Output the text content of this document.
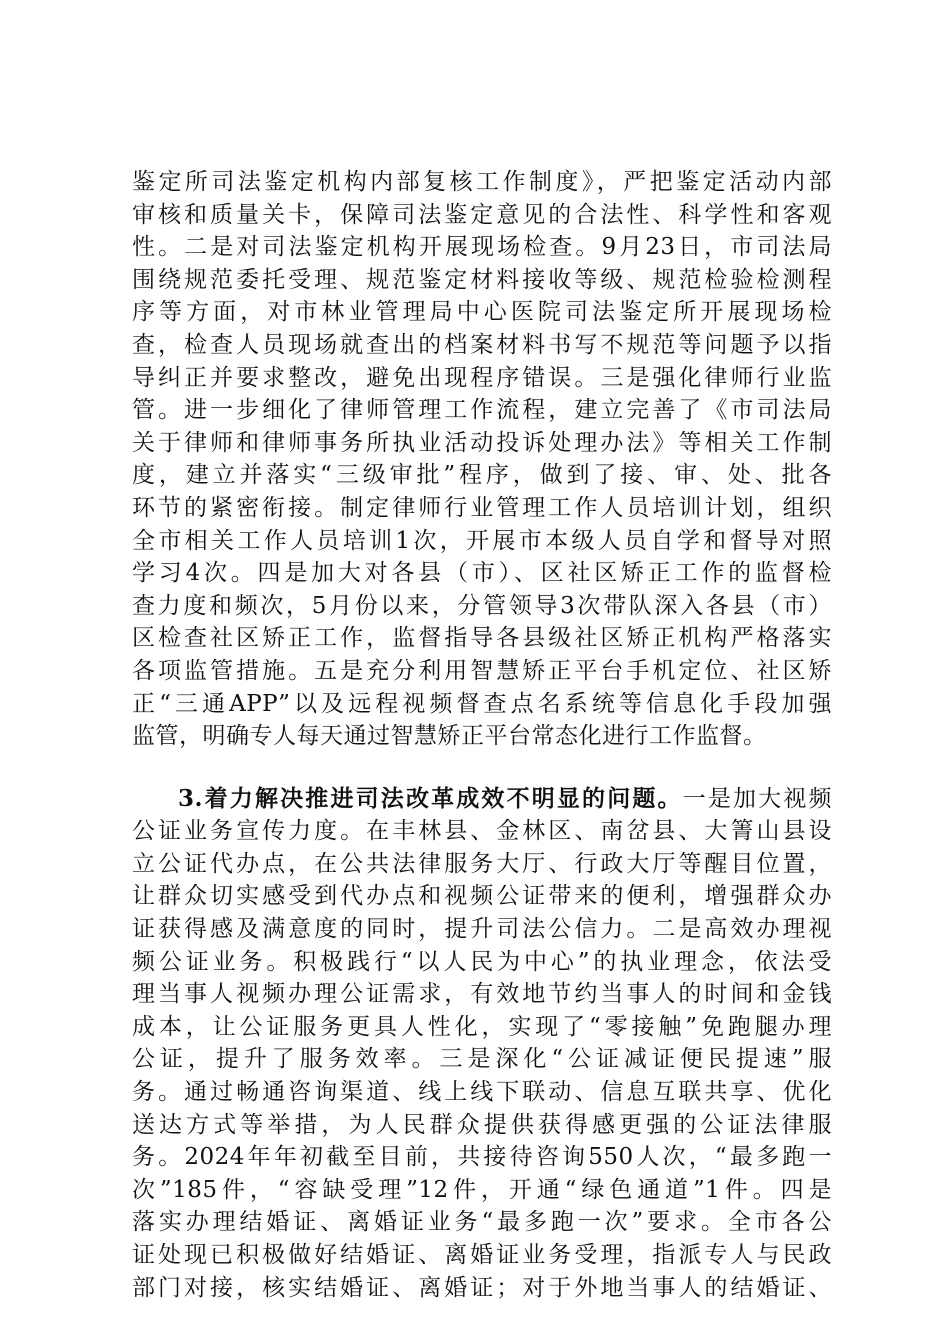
鉴定所司法鉴定机构内部复核工作制度》，严把鉴定活动内部
审核和质量关卡，保障司法鉴定意见的合法性、科学性和客观
性。二是对司法鉴定机构开展现场检查。9月23日，市司法局
围绕规范委托受理、规范鉴定材料接收等级、规范检验检测程
序等方面，对市林业管理局中心医院司法鉴定所开展现场检
查，检查人员现场就查出的档案材料书写不规范等问题予以指
导纠正并要求整改，避免出现程序错误。三是强化律师行业监
管。进一步细化了律师管理工作流程，建立完善了《市司法局
关于律师和律师事务所执业活动投诉处理办法》等相关工作制
度，建立并落实“三级审批”程序，做到了接、审、处、批各
环节的紧密衔接。制定律师行业管理工作人员培训计划，组织
全市相关工作人员培训1次，开展市本级人员自学和督导对照
学习4次。四是加大对各县（市）、区社区矫正工作的监督检
查力度和频次，5月份以来，分管领导3次带队深入各县（市）
区检查社区矫正工作，监督指导各县级社区矫正机构严格落实
各项监管措施。五是充分利用智慧矫正平台手机定位、社区矫
正“三通APP”以及远程视频督查点名系统等信息化手段加强
监管，明确专人每天通过智慧矫正平台常态化进行工作监督。
3.着力解决推进司法改革成效不明显的问题。一是加大视频
公证业务宣传力度。在丰林县、金林区、南岔县、大箐山县设
立公证代办点，在公共法律服务大厅、行政大厅等醒目位置，
让群众切实感受到代办点和视频公证带来的便利，增强群众办
证获得感及满意度的同时，提升司法公信力。二是高效办理视
频公证业务。积极践行“以人民为中心”的执业理念，依法受
理当事人视频办理公证需求，有效地节约当事人的时间和金钱
成本，让公证服务更具人性化，实现了“零接触”免跑腿办理
公证，提升了服务效率。三是深化“公证减证便民提速”服
务。通过畅通咨询渠道、线上线下联动、信息互联共享、优化
送达方式等举措，为人民群众提供获得感更强的公证法律服
务。2024年年初截至目前，共接待咨询550人次，“最多跑一
次”185件，“容缺受理”12件，开通“绿色通道”1件。四是
落实办理结婚证、离婚证业务“最多跑一次”要求。全市各公
证处现已积极做好结婚证、离婚证业务受理，指派专人与民政
部门对接，核实结婚证、离婚证；对于外地当事人的结婚证、
